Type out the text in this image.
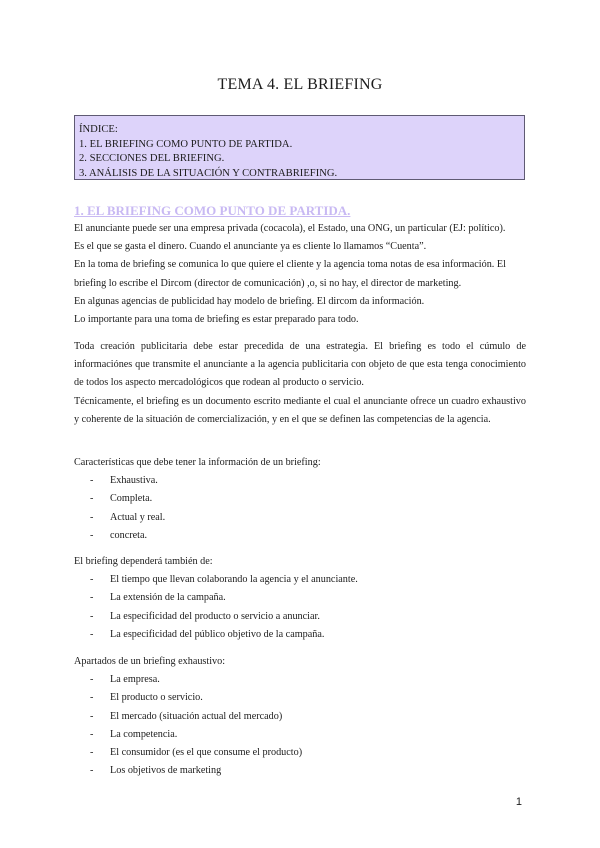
TEMA 4. EL BRIEFING
ÍNDICE:
1. EL BRIEFING COMO PUNTO DE PARTIDA.
2. SECCIONES DEL BRIEFING.
3. ANÁLISIS DE LA SITUACIÓN Y CONTRABRIEFING.
1. EL BRIEFING COMO PUNTO DE PARTIDA.

El anunciante puede ser una empresa privada (cocacola), el Estado, una ONG, un particular (EJ: político).

Es el que se gasta el dinero. Cuando el anunciante ya es cliente lo llamamos “Cuenta”.

En la toma de briefing se comunica lo que quiere el cliente y la agencia toma notas de esa información. El

briefing lo escribe el Dircom (director de comunicación) ,o, si no hay, el director de marketing.

En algunas agencias de publicidad hay modelo de briefing. El dircom da información.

Lo importante para una toma de briefing es estar preparado para todo.

Toda creación publicitaria debe estar precedida de una estrategia. El briefing es todo el cúmulo de informaciónes que transmite el anunciante a la agencia publicitaria con objeto de que esta tenga conocimiento de todos los aspecto mercadológicos que rodean al producto o servicio.

Técnicamente, el briefing es un documento escrito mediante el cual el anunciante ofrece un cuadro exhaustivo y coherente de la situación de comercialización, y en el que se definen las competencias de la agencia.

Características que debe tener la información de un briefing:

- Exhaustiva.
- Completa.
- Actual y real.
- concreta.

El briefing dependerá también de:

- El tiempo que llevan colaborando la agencia y el anunciante.
- La extensión de la campaña.
- La especificidad del producto o servicio a anunciar.
- La especificidad del público objetivo de la campaña.

Apartados de un briefing exhaustivo:

- La empresa.
- El producto o servicio.
- El mercado (situación actual del mercado)
- La competencia.
- El consumidor (es el que consume el producto)
- Los objetivos de marketing
1
